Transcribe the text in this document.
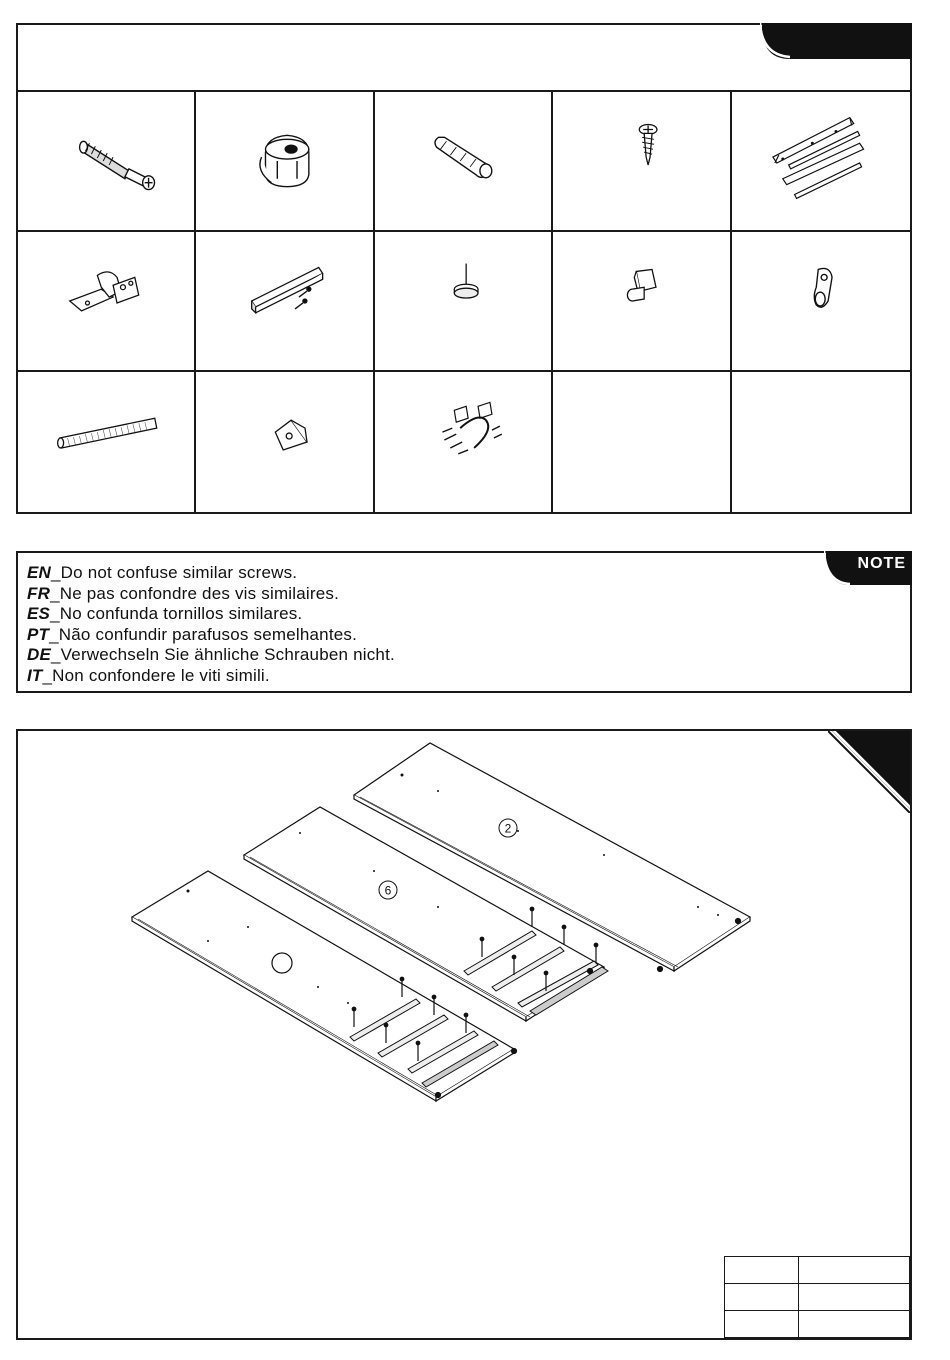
NOTE
EN_Do not confuse similar screws.
FR_Ne pas confondre des vis similaires.
ES_No confunda tornillos similares.
PT_Não confundir parafusos semelhantes.
DE_Verwechseln Sie ähnliche Schrauben nicht.
IT_Non confondere le viti simili.
2
6
